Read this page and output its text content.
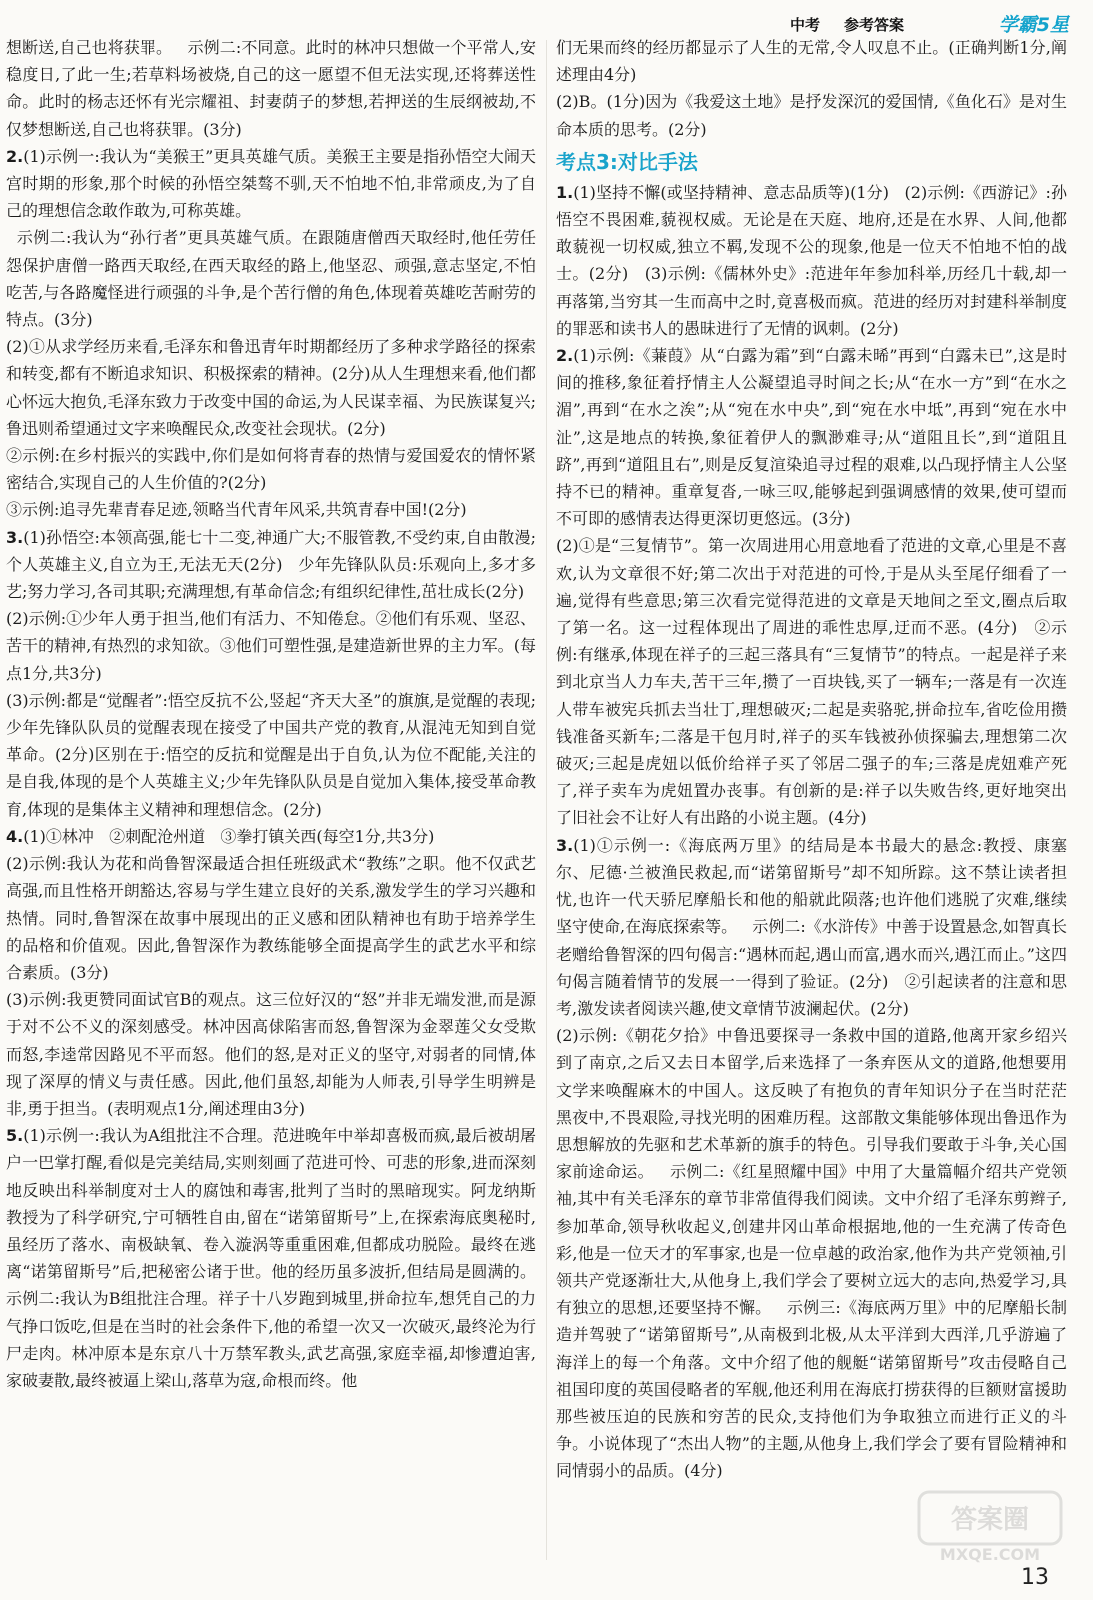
中考 参考答案	学霸5星

想断送,自己也将获罪。   示例二:不同意。此时的林冲只想做一个平常人,安稳度日,了此一生;若草料场被烧,自己的这一愿望不但无法实现,还将葬送性命。此时的杨志还怀有光宗耀祖、封妻荫子的梦想,若押送的生辰纲被劫,不仅梦想断送,自己也将获罪。(3分)

2.(1)示例一:我认为“美猴王”更具英雄气质。美猴王主要是指孙悟空大闹天宫时期的形象,那个时候的孙悟空桀骜不驯,天不怕地不怕,非常顽皮,为了自己的理想信念敢作敢为,可称英雄。

示例二:我认为“孙行者”更具英雄气质。在跟随唐僧西天取经时,他任劳任怨保护唐僧一路西天取经,在西天取经的路上,他坚忍、顽强,意志坚定,不怕吃苦,与各路魔怪进行顽强的斗争,是个苦行僧的角色,体现着英雄吃苦耐劳的特点。(3分)

(2)①从求学经历来看,毛泽东和鲁迅青年时期都经历了多种求学路径的探索和转变,都有不断追求知识、积极探索的精神。(2分)从人生理想来看,他们都心怀远大抱负,毛泽东致力于改变中国的命运,为人民谋幸福、为民族谋复兴;鲁迅则希望通过文字来唤醒民众,改变社会现状。(2分)

②示例:在乡村振兴的实践中,你们是如何将青春的热情与爱国爱农的情怀紧密结合,实现自己的人生价值的?(2分)

③示例:追寻先辈青春足迹,领略当代青年风采,共筑青春中国!(2分)

3.(1)孙悟空:本领高强,能七十二变,神通广大;不服管教,不受约束,自由散漫;个人英雄主义,自立为王,无法无天(2分)   少年先锋队队员:乐观向上,多才多艺;努力学习,各司其职;充满理想,有革命信念;有组织纪律性,茁壮成长(2分)

(2)示例:①少年人勇于担当,他们有活力、不知倦怠。②他们有乐观、坚忍、苦干的精神,有热烈的求知欲。③他们可塑性强,是建造新世界的主力军。(每点1分,共3分)

(3)示例:都是“觉醒者”:悟空反抗不公,竖起“齐天大圣”的旗旗,是觉醒的表现;少年先锋队队员的觉醒表现在接受了中国共产党的教育,从混沌无知到自觉革命。(2分)区别在于:悟空的反抗和觉醒是出于自负,认为位不配能,关注的是自我,体现的是个人英雄主义;少年先锋队队员是自觉加入集体,接受革命教育,体现的是集体主义精神和理想信念。(2分)

4.(1)①林冲   ②刺配沧州道   ③拳打镇关西(每空1分,共3分)

(2)示例:我认为花和尚鲁智深最适合担任班级武术“教练”之职。他不仅武艺高强,而且性格开朗豁达,容易与学生建立良好的关系,激发学生的学习兴趣和热情。同时,鲁智深在故事中展现出的正义感和团队精神也有助于培养学生的品格和价值观。因此,鲁智深作为教练能够全面提高学生的武艺水平和综合素质。(3分)

(3)示例:我更赞同面试官B的观点。这三位好汉的“怒”并非无端发泄,而是源于对不公不义的深刻感受。林冲因高俅陷害而怒,鲁智深为金翠莲父女受欺而怒,李逵常因路见不平而怒。他们的怒,是对正义的坚守,对弱者的同情,体现了深厚的情义与责任感。因此,他们虽怒,却能为人师表,引导学生明辨是非,勇于担当。(表明观点1分,阐述理由3分)

5.(1)示例一:我认为A组批注不合理。范进晚年中举却喜极而疯,最后被胡屠户一巴掌打醒,看似是完美结局,实则刻画了范进可怜、可悲的形象,进而深刻地反映出科举制度对士人的腐蚀和毒害,批判了当时的黑暗现实。阿龙纳斯教授为了科学研究,宁可牺牲自由,留在“诺第留斯号”上,在探索海底奥秘时,虽经历了落水、南极缺氧、卷入漩涡等重重困难,但都成功脱险。最终在逃离“诺第留斯号”后,把秘密公诸于世。他的经历虽多波折,但结局是圆满的。   示例二:我认为B组批注合理。祥子十八岁跑到城里,拼命拉车,想凭自己的力气挣口饭吃,但是在当时的社会条件下,他的希望一次又一次破灭,最终沦为行尸走肉。林冲原本是东京八十万禁军教头,武艺高强,家庭幸福,却惨遭迫害,家破妻散,最终被逼上梁山,落草为寇,命根而终。他

们无果而终的经历都显示了人生的无常,令人叹息不止。(正确判断1分,阐述理由4分)

(2)B。(1分)因为《我爱这土地》是抒发深沉的爱国情,《鱼化石》是对生命本质的思考。(2分)

考点3:对比手法

1.(1)坚持不懈(或坚持精神、意志品质等)(1分)   (2)示例:《西游记》:孙悟空不畏困难,藐视权威。无论是在天庭、地府,还是在水界、人间,他都敢藐视一切权威,独立不羁,发现不公的现象,他是一位天不怕地不怕的战士。(2分)   (3)示例:《儒林外史》:范进年年参加科举,历经几十载,却一再落第,当穷其一生而高中之时,竟喜极而疯。范进的经历对封建科举制度的罪恶和读书人的愚昧进行了无情的讽刺。(2分)

2.(1)示例:《蒹葭》从“白露为霜”到“白露未晞”再到“白露未已”,这是时间的推移,象征着抒情主人公凝望追寻时间之长;从“在水一方”到“在水之湄”,再到“在水之涘”;从“宛在水中央”,到“宛在水中坻”,再到“宛在水中沚”,这是地点的转换,象征着伊人的飘渺难寻;从“道阻且长”,到“道阻且跻”,再到“道阻且右”,则是反复渲染追寻过程的艰难,以凸现抒情主人公坚持不已的精神。重章复沓,一咏三叹,能够起到强调感情的效果,使可望而不可即的感情表达得更深切更悠远。(3分)

(2)①是“三复情节”。第一次周进用心用意地看了范进的文章,心里是不喜欢,认为文章很不好;第二次出于对范进的可怜,于是从头至尾仔细看了一遍,觉得有些意思;第三次看完觉得范进的文章是天地间之至文,圈点后取了第一名。这一过程体现出了周进的乖性忠厚,迂而不恶。(4分)   ②示例:有继承,体现在祥子的三起三落具有“三复情节”的特点。一起是祥子来到北京当人力车夫,苦干三年,攒了一百块钱,买了一辆车;一落是有一次连人带车被宪兵抓去当壮丁,理想破灭;二起是卖骆驼,拼命拉车,省吃俭用攒钱准备买新车;二落是干包月时,祥子的买车钱被孙侦探骗去,理想第二次破灭;三起是虎妞以低价给祥子买了邻居二强子的车;三落是虎妞难产死了,祥子卖车为虎妞置办丧事。有创新的是:祥子以失败告终,更好地突出了旧社会不让好人有出路的小说主题。(4分)

3.(1)①示例一:《海底两万里》的结局是本书最大的悬念:教授、康塞尔、尼德·兰被渔民救起,而“诺第留斯号”却不知所踪。这不禁让读者担忧,也许一代天骄尼摩船长和他的船就此陨落;也许他们逃脱了灾难,继续坚守使命,在海底探索等。   示例二:《水浒传》中善于设置悬念,如智真长老赠给鲁智深的四句偈言:“遇林而起,遇山而富,遇水而兴,遇江而止。”这四句偈言随着情节的发展一一得到了验证。(2分)   ②引起读者的注意和思考,激发读者阅读兴趣,使文章情节波澜起伏。(2分)

(2)示例:《朝花夕拾》中鲁迅要探寻一条救中国的道路,他离开家乡绍兴到了南京,之后又去日本留学,后来选择了一条弃医从文的道路,他想要用文学来唤醒麻木的中国人。这反映了有抱负的青年知识分子在当时茫茫黑夜中,不畏艰险,寻找光明的困难历程。这部散文集能够体现出鲁迅作为思想解放的先驱和艺术革新的旗手的特色。引导我们要敢于斗争,关心国家前途命运。   示例二:《红星照耀中国》中用了大量篇幅介绍共产党领袖,其中有关毛泽东的章节非常值得我们阅读。文中介绍了毛泽东剪辫子,参加革命,领导秋收起义,创建井冈山革命根据地,他的一生充满了传奇色彩,他是一位天才的军事家,也是一位卓越的政治家,他作为共产党领袖,引领共产党逐渐壮大,从他身上,我们学会了要树立远大的志向,热爱学习,具有独立的思想,还要坚持不懈。   示例三:《海底两万里》中的尼摩船长制造并驾驶了“诺第留斯号”,从南极到北极,从太平洋到大西洋,几乎游遍了海洋上的每一个角落。文中介绍了他的舰艇“诺第留斯号”攻击侵略自己祖国印度的英国侵略者的军舰,他还利用在海底打捞获得的巨额财富援助那些被压迫的民族和穷苦的民众,支持他们为争取独立而进行正义的斗争。小说体现了“杰出人物”的主题,从他身上,我们学会了要有冒险精神和同情弱小的品质。(4分)

答案圈
MXQE.COM
13
